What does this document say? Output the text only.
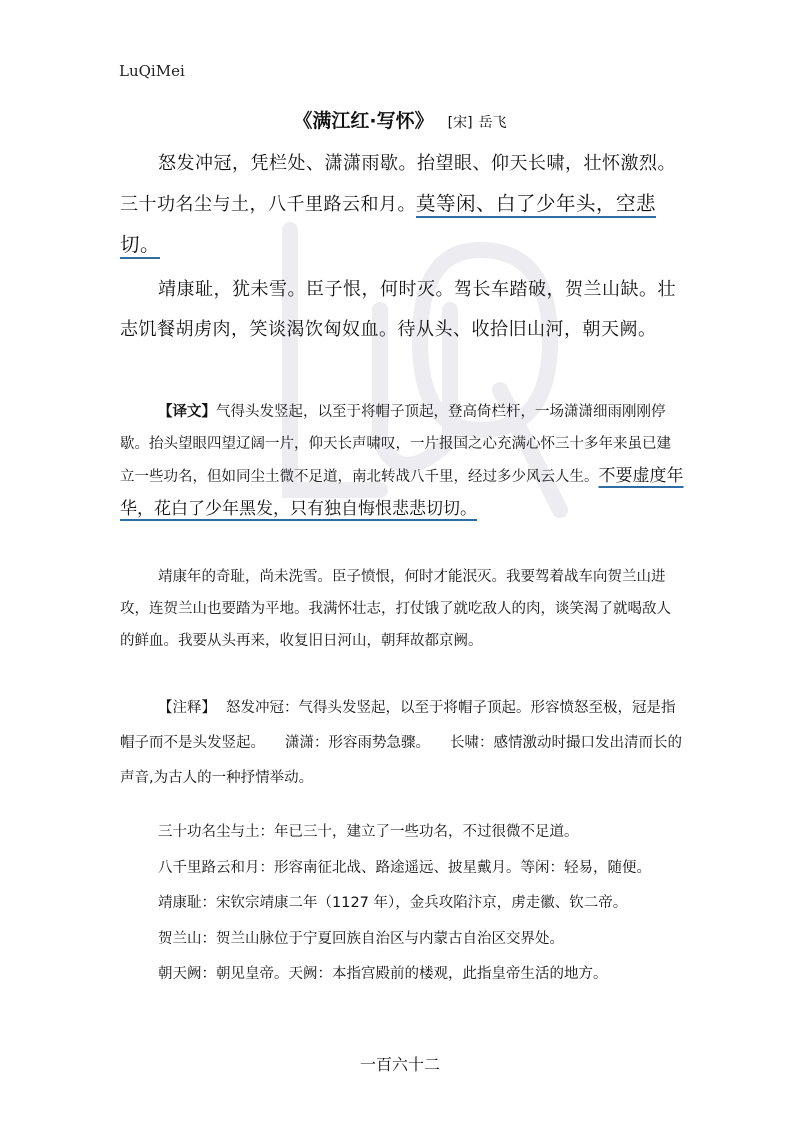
LuQiMei
《满江红·写怀》 [宋] 岳飞

怒发冲冠，凭栏处、潇潇雨歇。抬望眼、仰天长啸，壮怀激烈。三十功名尘与土，八千里路云和月。莫等闲、白了少年头，空悲切。

靖康耻，犹未雪。臣子恨，何时灭。驾长车踏破，贺兰山缺。壮志饥餐胡虏肉，笑谈渴饮匈奴血。待从头、收拾旧山河，朝天阙。

【译文】气得头发竖起，以至于将帽子顶起，登高倚栏杆，一场潇潇细雨刚刚停歇。抬头望眼四望辽阔一片，仰天长声啸叹，一片报国之心充满心怀三十多年来虽已建立一些功名，但如同尘土微不足道，南北转战八千里，经过多少风云人生。不要虚度年华，花白了少年黑发，只有独自悔恨悲悲切切。

靖康年的奇耻，尚未洗雪。臣子愤恨，何时才能泯灭。我要驾着战车向贺兰山进攻，连贺兰山也要踏为平地。我满怀壮志，打仗饿了就吃敌人的肉，谈笑渴了就喝敌人的鲜血。我要从头再来，收复旧日河山，朝拜故都京阙。

【注释】 怒发冲冠：气得头发竖起，以至于将帽子顶起。形容愤怒至极，冠是指帽子而不是头发竖起。 潇潇：形容雨势急骤。 长啸：感情激动时撮口发出清而长的声音,为古人的一种抒情举动。

三十功名尘与土：年已三十，建立了一些功名，不过很微不足道。
八千里路云和月：形容南征北战、路途遥远、披星戴月。等闲：轻易，随便。
靖康耻：宋钦宗靖康二年（1127 年），金兵攻陷汴京，虏走徽、钦二帝。
贺兰山：贺兰山脉位于宁夏回族自治区与内蒙古自治区交界处。
朝天阙：朝见皇帝。天阙：本指宫殿前的楼观，此指皇帝生活的地方。
一百六十二
